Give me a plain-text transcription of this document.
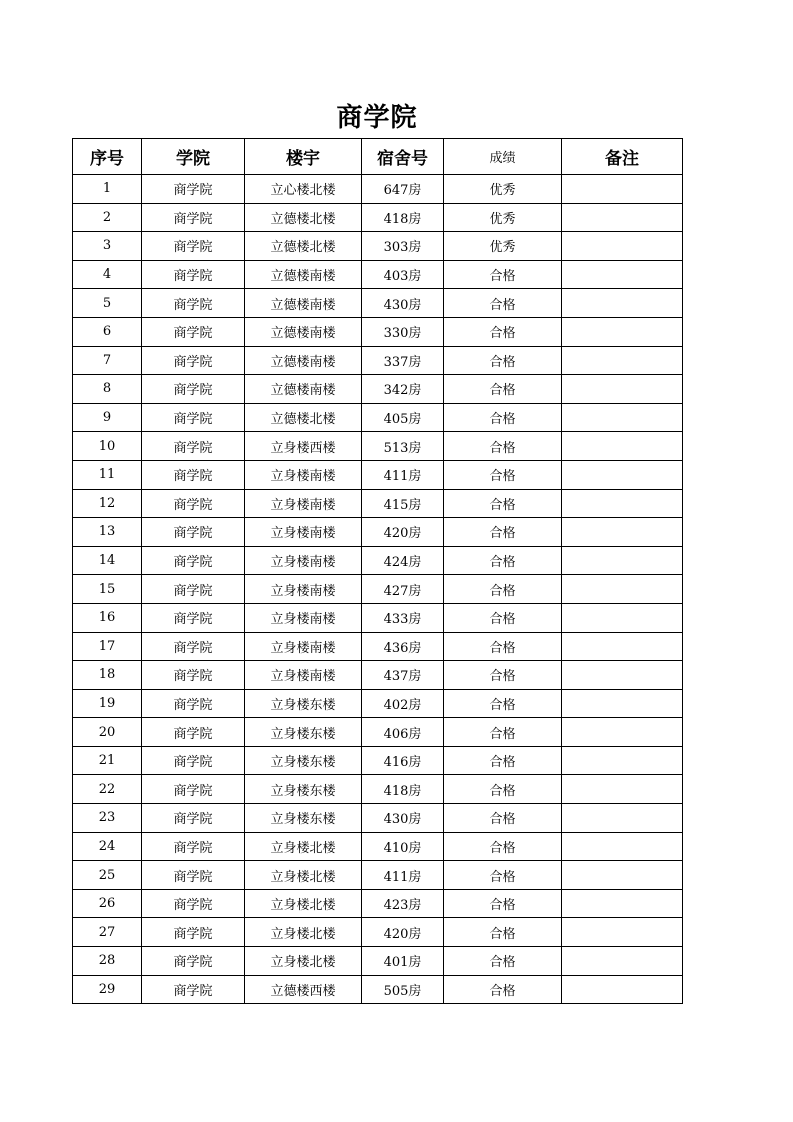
商学院
序号	学院	楼宇	宿舍号	成绩	备注
1	商学院	立心楼北楼	647房	优秀	
2	商学院	立德楼北楼	418房	优秀	
3	商学院	立德楼北楼	303房	优秀	
4	商学院	立德楼南楼	403房	合格	
5	商学院	立德楼南楼	430房	合格	
6	商学院	立德楼南楼	330房	合格	
7	商学院	立德楼南楼	337房	合格	
8	商学院	立德楼南楼	342房	合格	
9	商学院	立德楼北楼	405房	合格	
10	商学院	立身楼西楼	513房	合格	
11	商学院	立身楼南楼	411房	合格	
12	商学院	立身楼南楼	415房	合格	
13	商学院	立身楼南楼	420房	合格	
14	商学院	立身楼南楼	424房	合格	
15	商学院	立身楼南楼	427房	合格	
16	商学院	立身楼南楼	433房	合格	
17	商学院	立身楼南楼	436房	合格	
18	商学院	立身楼南楼	437房	合格	
19	商学院	立身楼东楼	402房	合格	
20	商学院	立身楼东楼	406房	合格	
21	商学院	立身楼东楼	416房	合格	
22	商学院	立身楼东楼	418房	合格	
23	商学院	立身楼东楼	430房	合格	
24	商学院	立身楼北楼	410房	合格	
25	商学院	立身楼北楼	411房	合格	
26	商学院	立身楼北楼	423房	合格	
27	商学院	立身楼北楼	420房	合格	
28	商学院	立身楼北楼	401房	合格	
29	商学院	立德楼西楼	505房	合格	
